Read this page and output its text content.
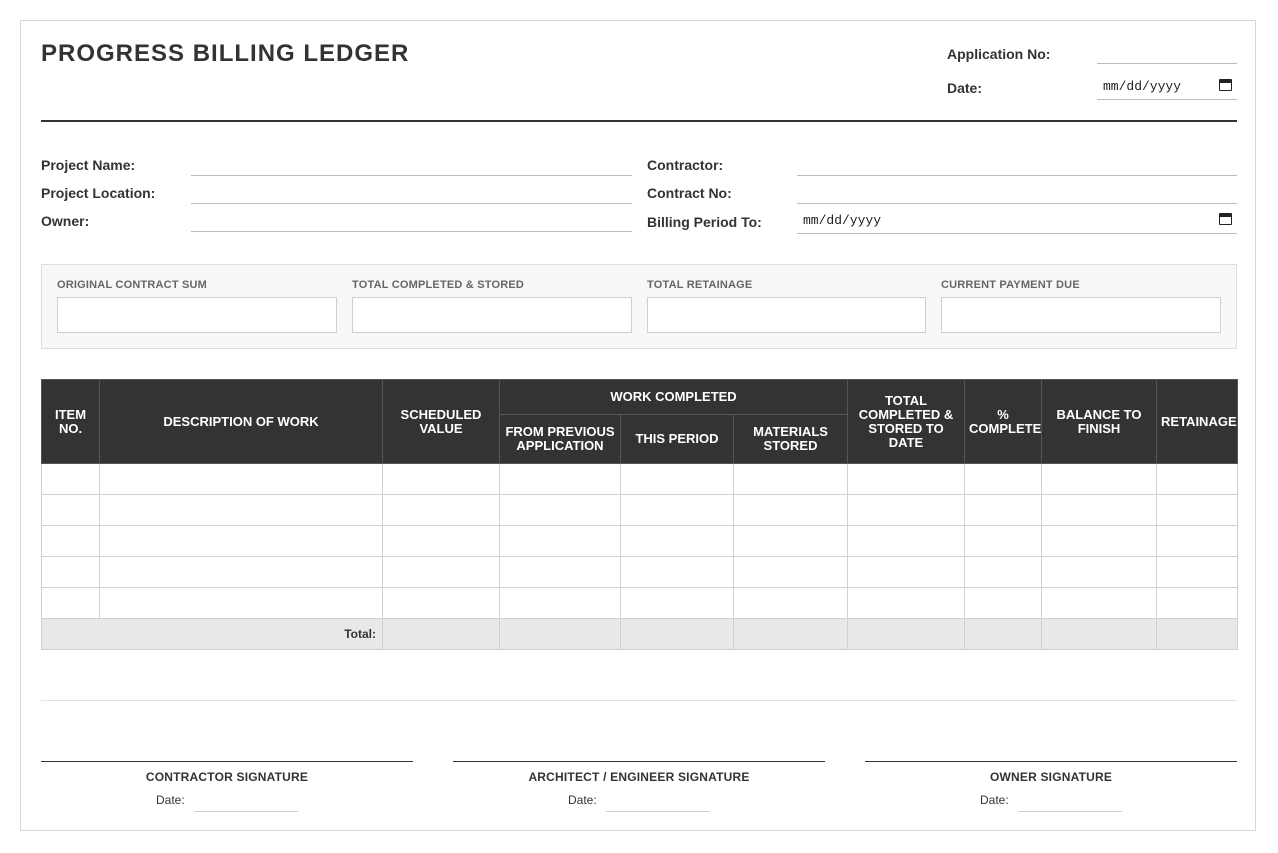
PROGRESS BILLING LEDGER	Application No:
Date:	mm/dd/yyyy
Project Name:
Project Location:
Owner:
Contractor:
Contract No:
Billing Period To:	mm/dd/yyyy
ORIGINAL CONTRACT SUM	TOTAL COMPLETED & STORED	TOTAL RETAINAGE	CURRENT PAYMENT DUE
ITEM NO.	DESCRIPTION OF WORK	SCHEDULED VALUE	WORK COMPLETED			TOTAL COMPLETED & STORED TO DATE	% COMPLETE	BALANCE TO FINISH	RETAINAGE
			FROM PREVIOUS APPLICATION	THIS PERIOD	MATERIALS STORED				

Total:									
CONTRACTOR SIGNATURE
Date:
ARCHITECT / ENGINEER SIGNATURE
Date:
OWNER SIGNATURE
Date:
